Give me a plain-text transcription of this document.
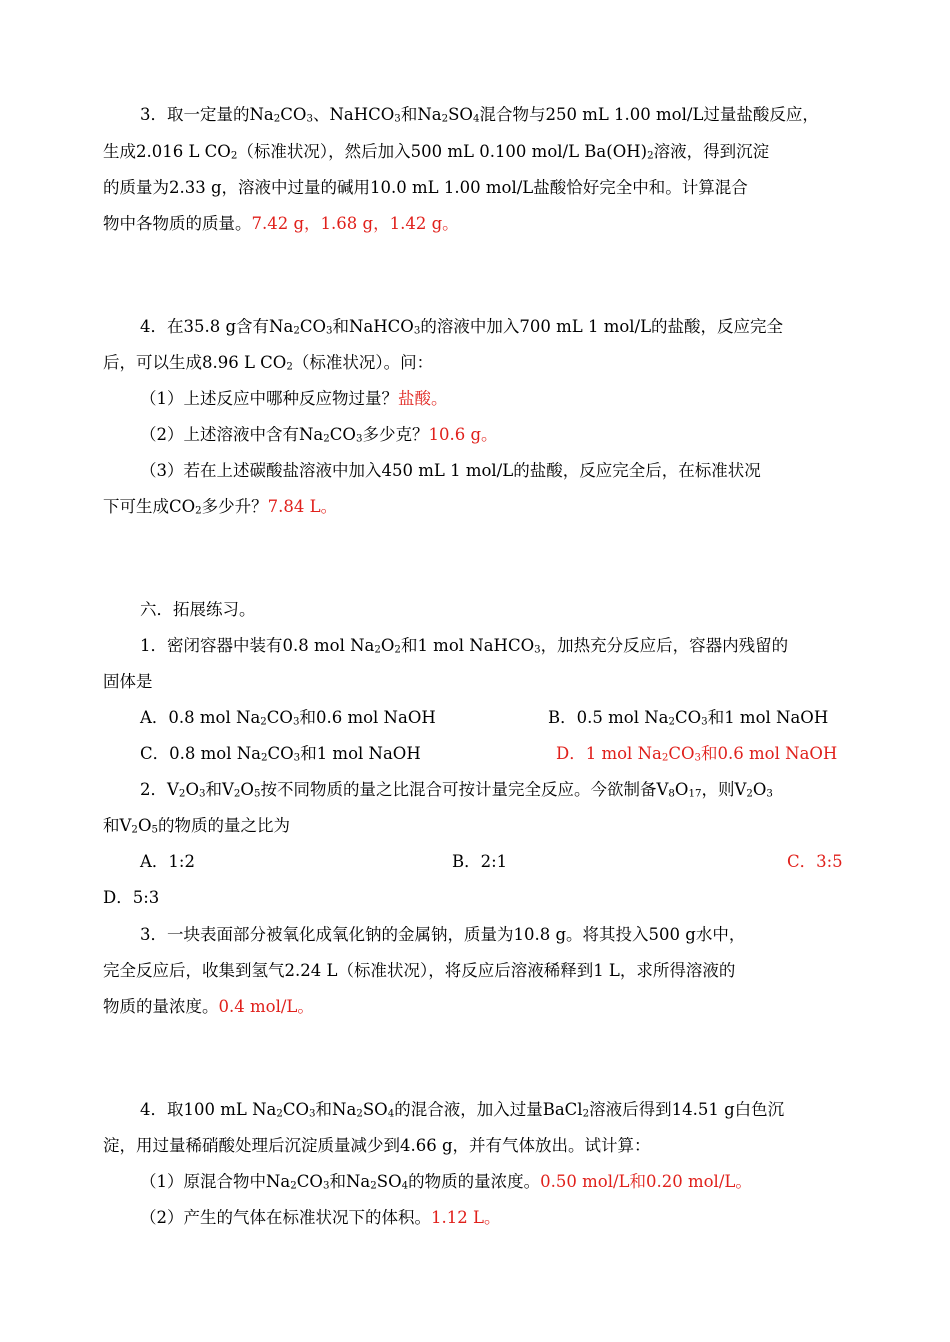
3．取一定量的$Na_2CO_3$、NaHCO$_3$和$Na_2SO_4$混合物与250 mL 1.00 mol/L过量盐酸反应，
生成2.016 L $CO_2$（标准状况），然后加入500 mL 0.100 mol/L $Ba(OH)_2$溶液，得到沉淀
的质量为2.33 g，溶液中过量的碱用10.0 mL 1.00 mol/L盐酸恰好完全中和。计算混合
物中各物质的质量。7.42 g，1.68 g，1.42 g。
4．在35.8 g含有$Na_2CO_3$和NaHCO$_3$的溶液中加入700 mL 1 mol/L的盐酸，反应完全
后，可以生成8.96 L $CO_2$（标准状况）。问：
（1）上述反应中哪种反应物过量？盐酸。
（2）上述溶液中含有$Na_2CO_3$多少克？10.6 g。
（3）若在上述碳酸盐溶液中加入450 mL 1 mol/L的盐酸，反应完全后，在标准状况
下可生成$CO_2$多少升？7.84 L。
六．拓展练习。
1．密闭容器中装有0.8 mol $Na_2O_2$和1 mol NaHCO$_3$，加热充分反应后，容器内残留的
固体是
A．0.8 mol $Na_2CO_3$和0.6 mol NaOH	B．0.5 mol $Na_2CO_3$和1 mol NaOH
C．0.8 mol $Na_2CO_3$和1 mol NaOH	D．1 mol $Na_2CO_3$和0.6 mol NaOH
2．$V_2O_3$和$V_2O_5$按不同物质的量之比混合可按计量完全反应。今欲制备$V_8O_{17}$，则$V_2O_3$
和$V_2O_5$的物质的量之比为
A．1:2	B．2:1	C．3:5
D．5:3
3．一块表面部分被氧化成氧化钠的金属钠，质量为10.8 g。将其投入500 g水中，
完全反应后，收集到氢气2.24 L（标准状况），将反应后溶液稀释到1 L，求所得溶液的
物质的量浓度。0.4 mol/L。
4．取100 mL $Na_2CO_3$和$Na_2SO_4$的混合液，加入过量BaCl$_2$溶液后得到14.51 g白色沉
淀，用过量稀硝酸处理后沉淀质量减少到4.66 g，并有气体放出。试计算：
（1）原混合物中$Na_2CO_3$和$Na_2SO_4$的物质的量浓度。0.50 mol/L和0.20 mol/L。
（2）产生的气体在标准状况下的体积。1.12 L。
